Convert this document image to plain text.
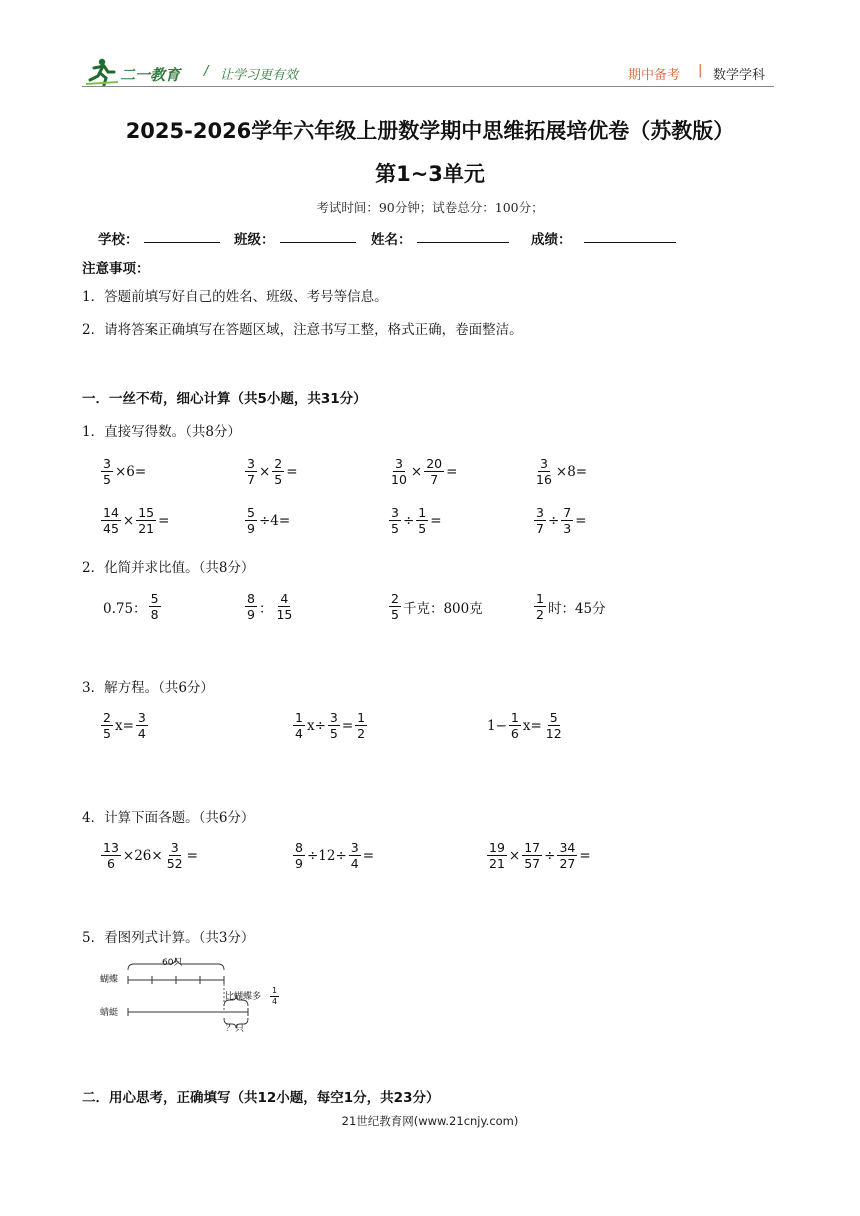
二一教育 / 让学习更有效	期中备考 | 数学学科
2025-2026学年六年级上册数学期中思维拓展培优卷（苏教版）
第1~3单元
考试时间：90分钟；试卷总分：100分；
学校：	班级：	姓名：	成绩：
注意事项：
1．答题前填写好自己的姓名、班级、考号等信息。
2．请将答案正确填写在答题区域，注意书写工整，格式正确，卷面整洁。
一．一丝不苟，细心计算（共5小题，共31分）
1．直接写得数。（共8分）
$\frac{3}{5} \times 6=$	$\frac{3}{7} \times \frac{2}{5}$ =	$\frac{3}{10} \times \frac{20}{7}$ =	$\frac{3}{16} \times 8=$
$\frac{14}{45} \times \frac{15}{21}$ =	$\frac{5}{9} \div 4=$	$\frac{3}{5} \div \frac{1}{5}$ =	$\frac{3}{7} \div \frac{7}{3}$ =
2．化简并求比值。（共8分）
0.75： $\frac{5}{8}$	$\frac{8}{9}$ ： $\frac{4}{15}$	$\frac{2}{5}$ 千克：800克	$\frac{1}{2}$ 时：45分
3．解方程。（共6分）
$\frac{2}{5} x= \frac{3}{4}$	$\frac{1}{4} x\div \frac{3}{5} = \frac{1}{2}$	$1- \frac{1}{6} x= \frac{5}{12}$
4．计算下面各题。（共6分）
$\frac{13}{6} \times 26\times \frac{3}{52}$ =	$\frac{8}{9} \div 12\div \frac{3}{4}$ =	$\frac{19}{21} \times \frac{17}{57} \div \frac{34}{27}$ =
5．看图列式计算。（共3分）
蝴蝶
60只
蜻蜓
比蝴蝶多 $\frac{1}{4}$
？只
二．用心思考，正确填写（共12小题，每空1分，共23分）
21世纪教育网(www.21cnjy.com)
